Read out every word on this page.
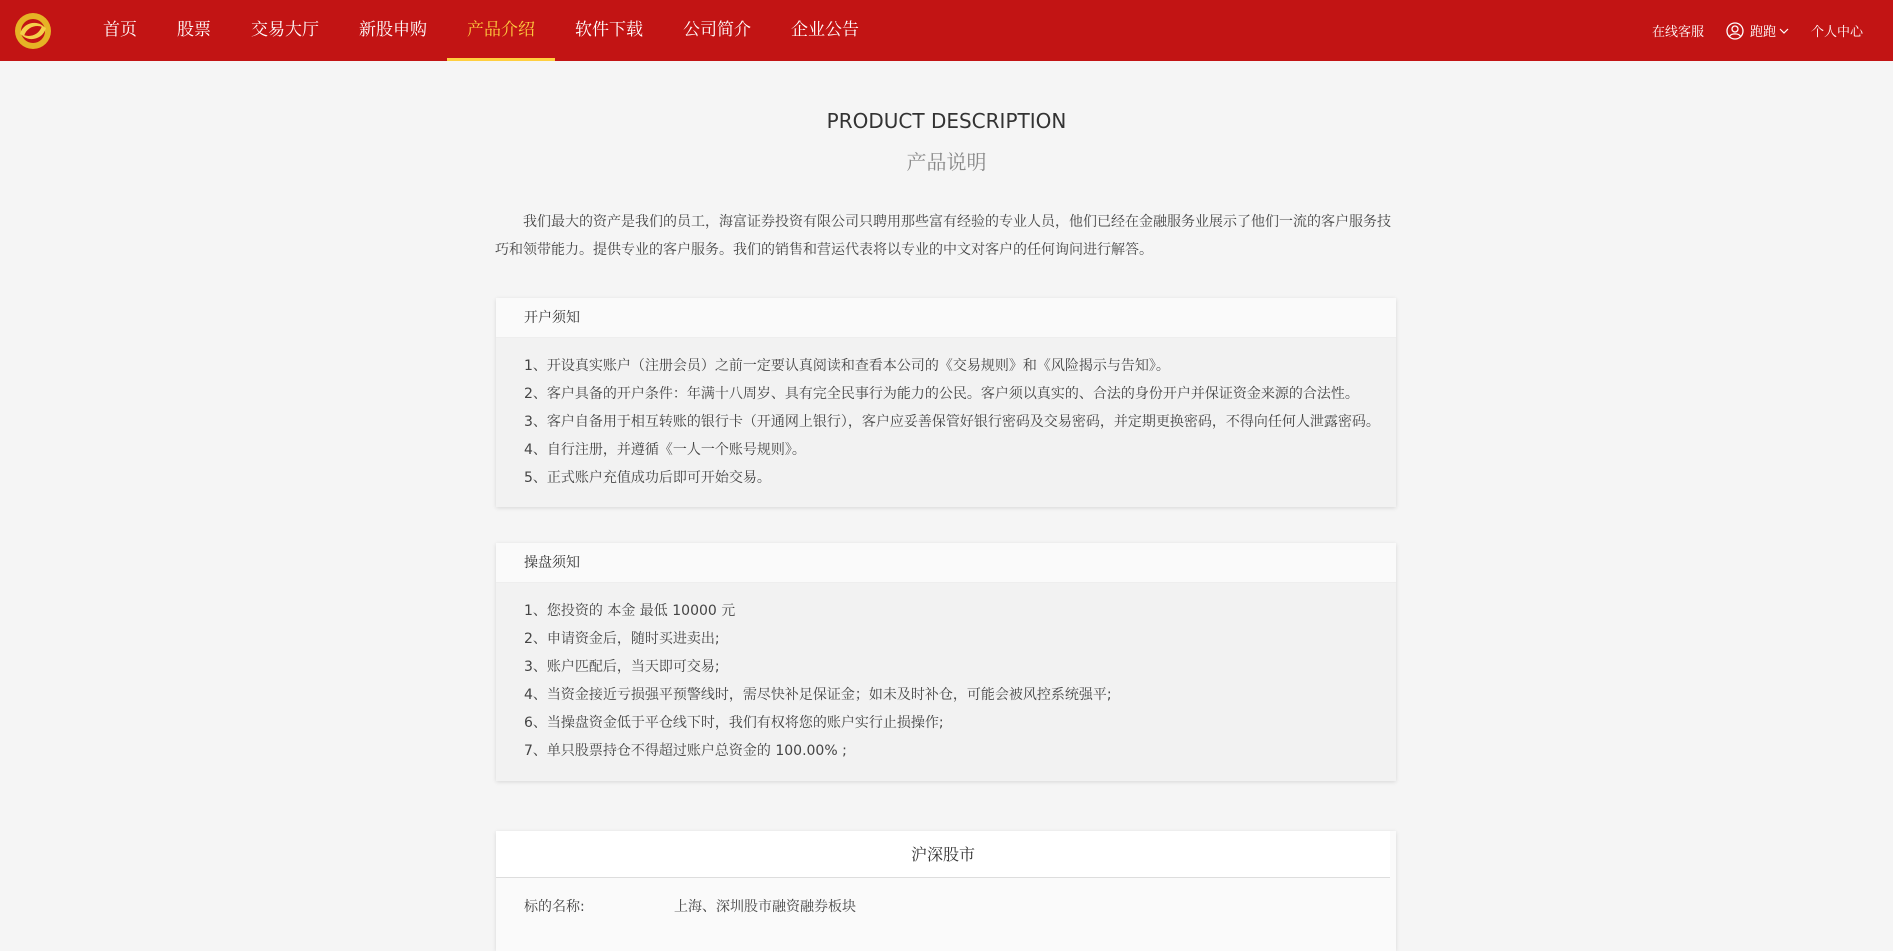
首页	股票	交易大厅	新股申购	产品介绍	软件下载	公司简介	企业公告	在线客服	跑跑	个人中心
PRODUCT DESCRIPTION
产品说明

我们最大的资产是我们的员工，海富证券投资有限公司只聘用那些富有经验的专业人员，他们已经在金融服务业展示了他们一流的客户服务技巧和领带能力。提供专业的客户服务。我们的销售和营运代表将以专业的中文对客户的任何询问进行解答。

开户须知
1、开设真实账户（注册会员）之前一定要认真阅读和查看本公司的《交易规则》和《风险揭示与告知》。
2、客户具备的开户条件：年满十八周岁、具有完全民事行为能力的公民。客户须以真实的、合法的身份开户并保证资金来源的合法性。
3、客户自备用于相互转账的银行卡（开通网上银行），客户应妥善保管好银行密码及交易密码，并定期更换密码，不得向任何人泄露密码。
4、自行注册，并遵循《一人一个账号规则》。
5、正式账户充值成功后即可开始交易。
操盘须知
1、您投资的 本金 最低 10000 元
2、申请资金后，随时买进卖出;
3、账户匹配后，当天即可交易;
4、当资金接近亏损强平预警线时，需尽快补足保证金；如未及时补仓，可能会被风控系统强平;
6、当操盘资金低于平仓线下时，我们有权将您的账户实行止损操作;
7、单只股票持仓不得超过账户总资金的 100.00% ;
沪深股市
标的名称:	上海、深圳股市融资融券板块
